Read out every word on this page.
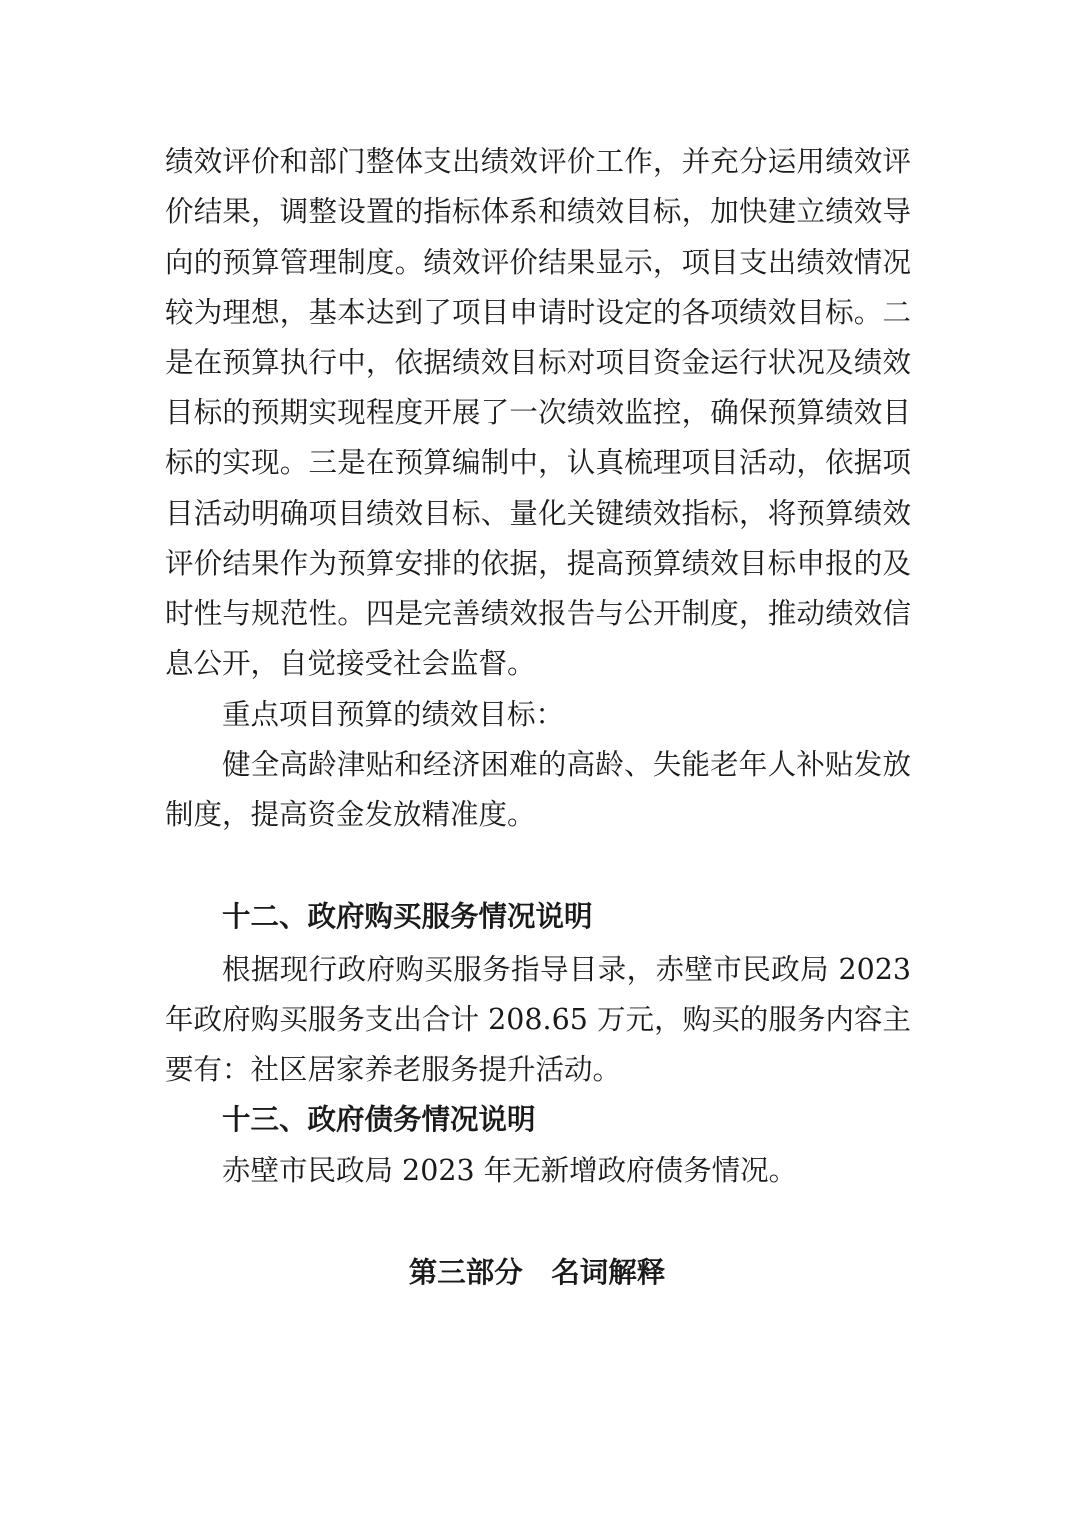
绩效评价和部门整体支出绩效评价工作，并充分运用绩效评
价结果，调整设置的指标体系和绩效目标，加快建立绩效导
向的预算管理制度。绩效评价结果显示，项目支出绩效情况
较为理想，基本达到了项目申请时设定的各项绩效目标。二
是在预算执行中，依据绩效目标对项目资金运行状况及绩效
目标的预期实现程度开展了一次绩效监控，确保预算绩效目
标的实现。三是在预算编制中，认真梳理项目活动，依据项
目活动明确项目绩效目标、量化关键绩效指标，将预算绩效
评价结果作为预算安排的依据，提高预算绩效目标申报的及
时性与规范性。四是完善绩效报告与公开制度，推动绩效信
息公开，自觉接受社会监督。
重点项目预算的绩效目标：
健全高龄津贴和经济困难的高龄、失能老年人补贴发放
制度，提高资金发放精准度。
十二、政府购买服务情况说明
根据现行政府购买服务指导目录，赤壁市民政局 2023
年政府购买服务支出合计 208.65 万元，购买的服务内容主
要有：社区居家养老服务提升活动。
十三、政府债务情况说明
赤壁市民政局 2023 年无新增政府债务情况。
第三部分　名词解释
